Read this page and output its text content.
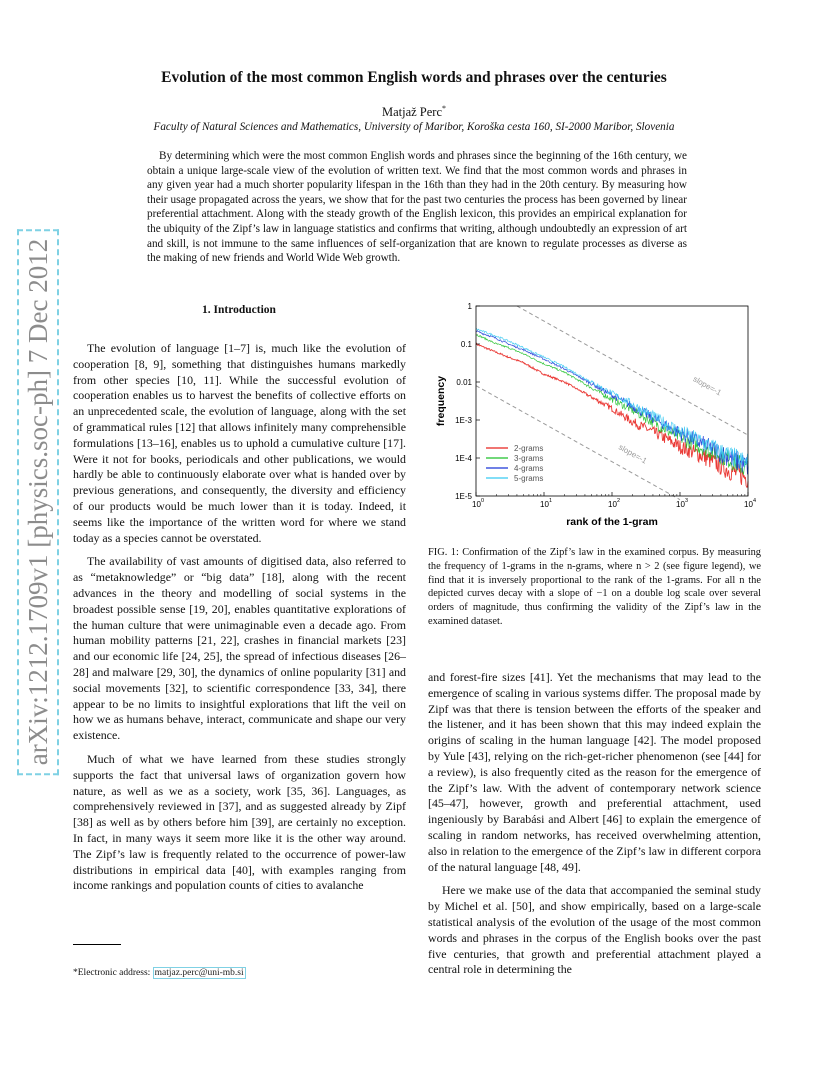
arXiv:1212.1709v1 [physics.soc-ph] 7 Dec 2012
Evolution of the most common English words and phrases over the centuries
Matjaž Perc*
Faculty of Natural Sciences and Mathematics, University of Maribor, Koroška cesta 160, SI-2000 Maribor, Slovenia

By determining which were the most common English words and phrases since the beginning of the 16th century, we obtain a unique large-scale view of the evolution of written text. We find that the most common words and phrases in any given year had a much shorter popularity lifespan in the 16th than they had in the 20th century. By measuring how their usage propagated across the years, we show that for the past two centuries the process has been governed by linear preferential attachment. Along with the steady growth of the English lexicon, this provides an empirical explanation for the ubiquity of the Zipf’s law in language statistics and confirms that writing, although undoubtedly an expression of art and skill, is not immune to the same influences of self-organization that are known to regulate processes as diverse as the making of new friends and World Wide Web growth.

1. Introduction

The evolution of language [1–7] is, much like the evolution of cooperation [8, 9], something that distinguishes humans markedly from other species [10, 11]. While the successful evolution of cooperation enables us to harvest the benefits of collective efforts on an unprecedented scale, the evolution of language, along with the set of grammatical rules [12] that allows infinitely many comprehensible formulations [13–16], enables us to uphold a cumulative culture [17]. Were it not for books, periodicals and other publications, we would hardly be able to continuously elaborate over what is handed over by previous generations, and consequently, the diversity and efficiency of our products would be much lower than it is today. Indeed, it seems like the importance of the written word for where we stand today as a species cannot be overstated.

The availability of vast amounts of digitised data, also referred to as “metaknowledge” or “big data” [18], along with the recent advances in the theory and modelling of social systems in the broadest possible sense [19, 20], enables quantitative explorations of the human culture that were unimaginable even a decade ago. From human mobility patterns [21, 22], crashes in financial markets [23] and our economic life [24, 25], the spread of infectious diseases [26–28] and malware [29, 30], the dynamics of online popularity [31] and social movements [32], to scientific correspondence [33, 34], there appear to be no limits to insightful explorations that lift the veil on how we as humans behave, interact, communicate and shape our very existence.

Much of what we have learned from these studies strongly supports the fact that universal laws of organization govern how nature, as well as we as a society, work [35, 36]. Languages, as comprehensively reviewed in [37], and as suggested already by Zipf [38] as well as by others before him [39], are certainly no exception. In fact, in many ways it seem more like it is the other way around. The Zipf’s law is frequently related to the occurrence of power-law distributions in empirical data [40], with examples ranging from income rankings and population counts of cities to avalanche

and forest-fire sizes [41]. Yet the mechanisms that may lead to the emergence of scaling in various systems differ. The proposal made by Zipf was that there is tension between the efforts of the speaker and the listener, and it has been shown that this may indeed explain the origins of scaling in the human language [42]. The model proposed by Yule [43], relying on the rich-get-richer phenomenon (see [44] for a review), is also frequently cited as the reason for the emergence of the Zipf’s law. With the advent of contemporary network science [45–47], however, growth and preferential attachment, used ingeniously by Barabási and Albert [46] to explain the emergence of scaling in random networks, has received overwhelming attention, also in relation to the emergence of the Zipf’s law in different corpora of the natural language [48, 49].

Here we make use of the data that accompanied the seminal study by Michel et al. [50], and show empirically, based on a large-scale statistical analysis of the evolution of the usage of the most common words and phrases in the corpus of the English books over the past five centuries, that growth and preferential attachment played a central role in determining the

*Electronic address: matjaz.perc@uni-mb.si
slope=-1
slope=-1
10 0	10 1	10 2	10 3	10 4
1
0.1
0.01
1E-3
1E-4
1E-5
rank of the 1-gram
frequency
2-grams
3-grams
4-grams
5-grams
FIG. 1: Confirmation of the Zipf’s law in the examined corpus. By measuring the frequency of 1-grams in the n-grams, where n > 2 (see figure legend), we find that it is inversely proportional to the rank of the 1-grams. For all n the depicted curves decay with a slope of −1 on a double log scale over several orders of magnitude, thus confirming the validity of the Zipf’s law in the examined dataset.
